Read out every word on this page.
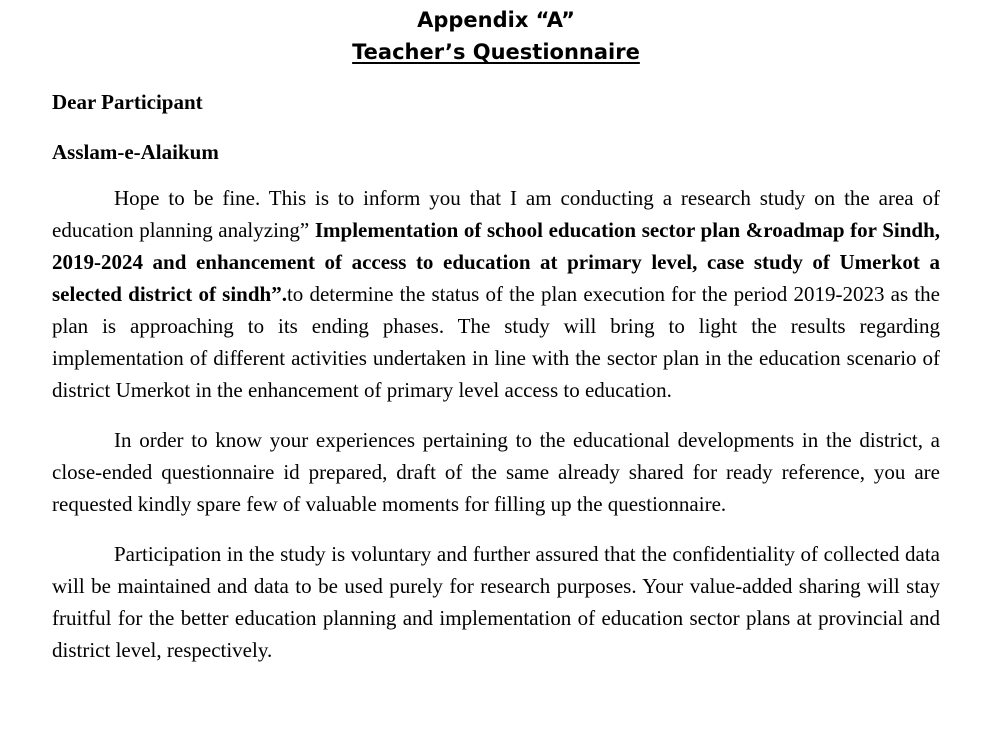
Appendix “A”
Teacher’s Questionnaire

Dear Participant

Asslam-e-Alaikum

Hope to be fine. This is to inform you that I am conducting a research study on the area of education planning analyzing” Implementation of school education sector plan &roadmap for Sindh, 2019-2024 and enhancement of access to education at primary level, case study of Umerkot a selected district of sindh”.to determine the status of the plan execution for the period 2019-2023 as the plan is approaching to its ending phases. The study will bring to light the results regarding implementation of different activities undertaken in line with the sector plan in the education scenario of district Umerkot in the enhancement of primary level access to education.

In order to know your experiences pertaining to the educational developments in the district, a close-ended questionnaire id prepared, draft of the same already shared for ready reference, you are requested kindly spare few of valuable moments for filling up the questionnaire.

Participation in the study is voluntary and further assured that the confidentiality of collected data will be maintained and data to be used purely for research purposes. Your value-added sharing will stay fruitful for the better education planning and implementation of education sector plans at provincial and district level, respectively.
